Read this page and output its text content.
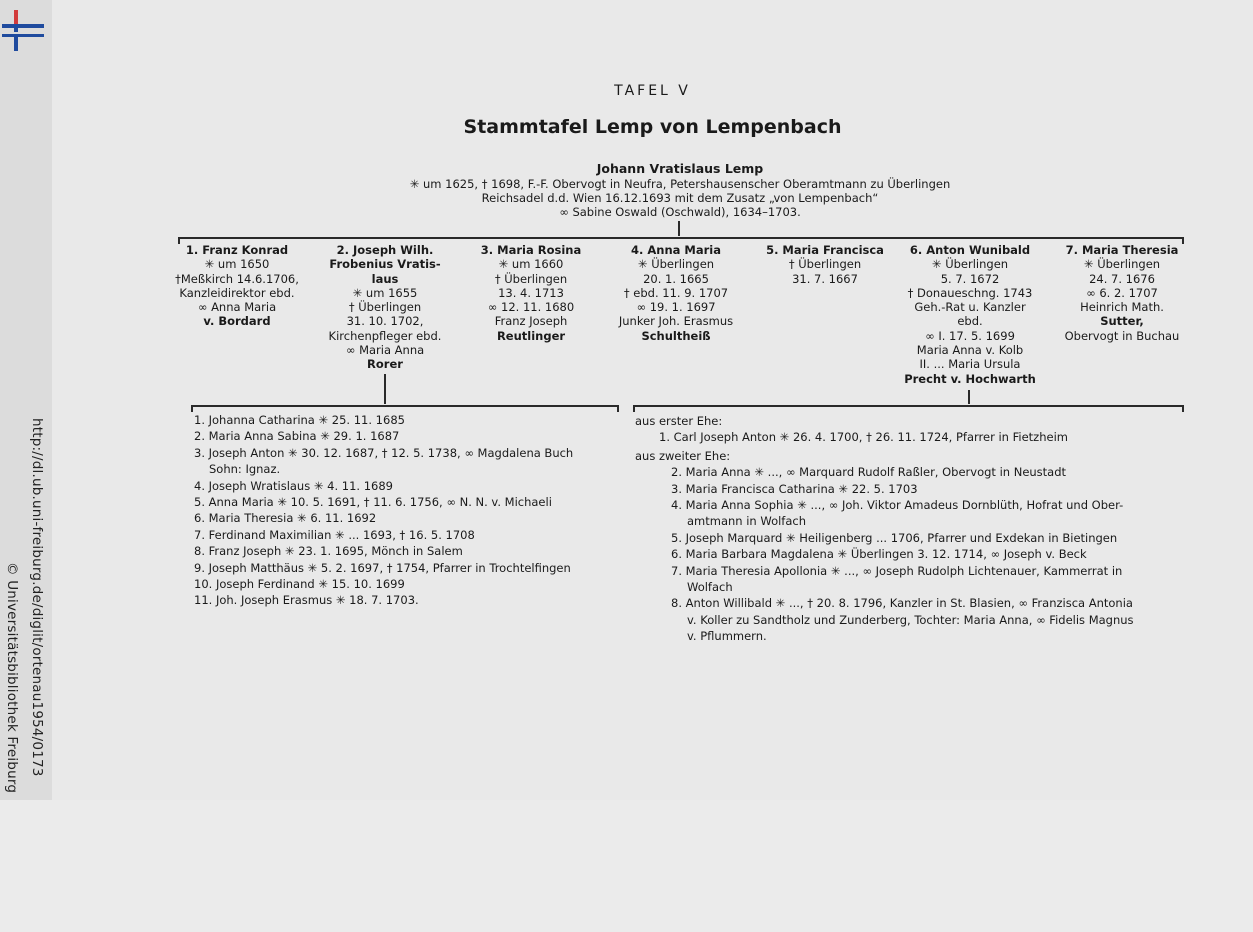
http://dl.ub.uni-freiburg.de/diglit/ortenau1954/0173
© Universitätsbibliothek Freiburg
TAFEL V
Stammtafel Lemp von Lempenbach
Johann Vratislaus Lemp
✳ um 1625, † 1698, F.-F. Obervogt in Neufra, Petershausenscher Oberamtmann zu Überlingen
Reichsadel d.d. Wien 16.12.1693 mit dem Zusatz „von Lempenbach“
∞ Sabine Oswald (Oschwald), 1634–1703.
1. Franz Konrad
✳ um 1650
†Meßkirch 14.6.1706,
Kanzleidirektor ebd.
∞ Anna Maria
v. Bordard
2. Joseph Wilh.
Frobenius Vratis-
laus
✳ um 1655
† Überlingen
31. 10. 1702,
Kirchenpfleger ebd.
∞ Maria Anna
Rorer
3. Maria Rosina
✳ um 1660
† Überlingen
13. 4. 1713
∞ 12. 11. 1680
Franz Joseph
Reutlinger
4. Anna Maria
✳ Überlingen
20. 1. 1665
† ebd. 11. 9. 1707
∞ 19. 1. 1697
Junker Joh. Erasmus
Schultheiß
5. Maria Francisca
† Überlingen
31. 7. 1667
6. Anton Wunibald
✳ Überlingen
5. 7. 1672
† Donaueschng. 1743
Geh.-Rat u. Kanzler
ebd.
∞ I. 17. 5. 1699
Maria Anna v. Kolb
II. ... Maria Ursula
Precht v. Hochwarth
7. Maria Theresia
✳ Überlingen
24. 7. 1676
∞ 6. 2. 1707
Heinrich Math.
Sutter,
Obervogt in Buchau
1. Johanna Catharina ✳ 25. 11. 1685
2. Maria Anna Sabina ✳ 29. 1. 1687
3. Joseph Anton ✳ 30. 12. 1687, † 12. 5. 1738, ∞ Magdalena Buch
Sohn: Ignaz.
4. Joseph Wratislaus ✳ 4. 11. 1689
5. Anna Maria ✳ 10. 5. 1691, † 11. 6. 1756, ∞ N. N. v. Michaeli
6. Maria Theresia ✳ 6. 11. 1692
7. Ferdinand Maximilian ✳ ... 1693, † 16. 5. 1708
8. Franz Joseph ✳ 23. 1. 1695, Mönch in Salem
9. Joseph Matthäus ✳ 5. 2. 1697, † 1754, Pfarrer in Trochtelfingen
10. Joseph Ferdinand ✳ 15. 10. 1699
11. Joh. Joseph Erasmus ✳ 18. 7. 1703.
aus erster Ehe:
1. Carl Joseph Anton ✳ 26. 4. 1700, † 26. 11. 1724, Pfarrer in Fietzheim
aus zweiter Ehe:
2. Maria Anna ✳ ..., ∞ Marquard Rudolf Raßler, Obervogt in Neustadt
3. Maria Francisca Catharina ✳ 22. 5. 1703
4. Maria Anna Sophia ✳ ..., ∞ Joh. Viktor Amadeus Dornblüth, Hofrat und Ober-
amtmann in Wolfach
5. Joseph Marquard ✳ Heiligenberg ... 1706, Pfarrer und Exdekan in Bietingen
6. Maria Barbara Magdalena ✳ Überlingen 3. 12. 1714, ∞ Joseph v. Beck
7. Maria Theresia Apollonia ✳ ..., ∞ Joseph Rudolph Lichtenauer, Kammerrat in
Wolfach
8. Anton Willibald ✳ ..., † 20. 8. 1796, Kanzler in St. Blasien, ∞ Franzisca Antonia
v. Koller zu Sandtholz und Zunderberg, Tochter: Maria Anna, ∞ Fidelis Magnus
v. Pflummern.
